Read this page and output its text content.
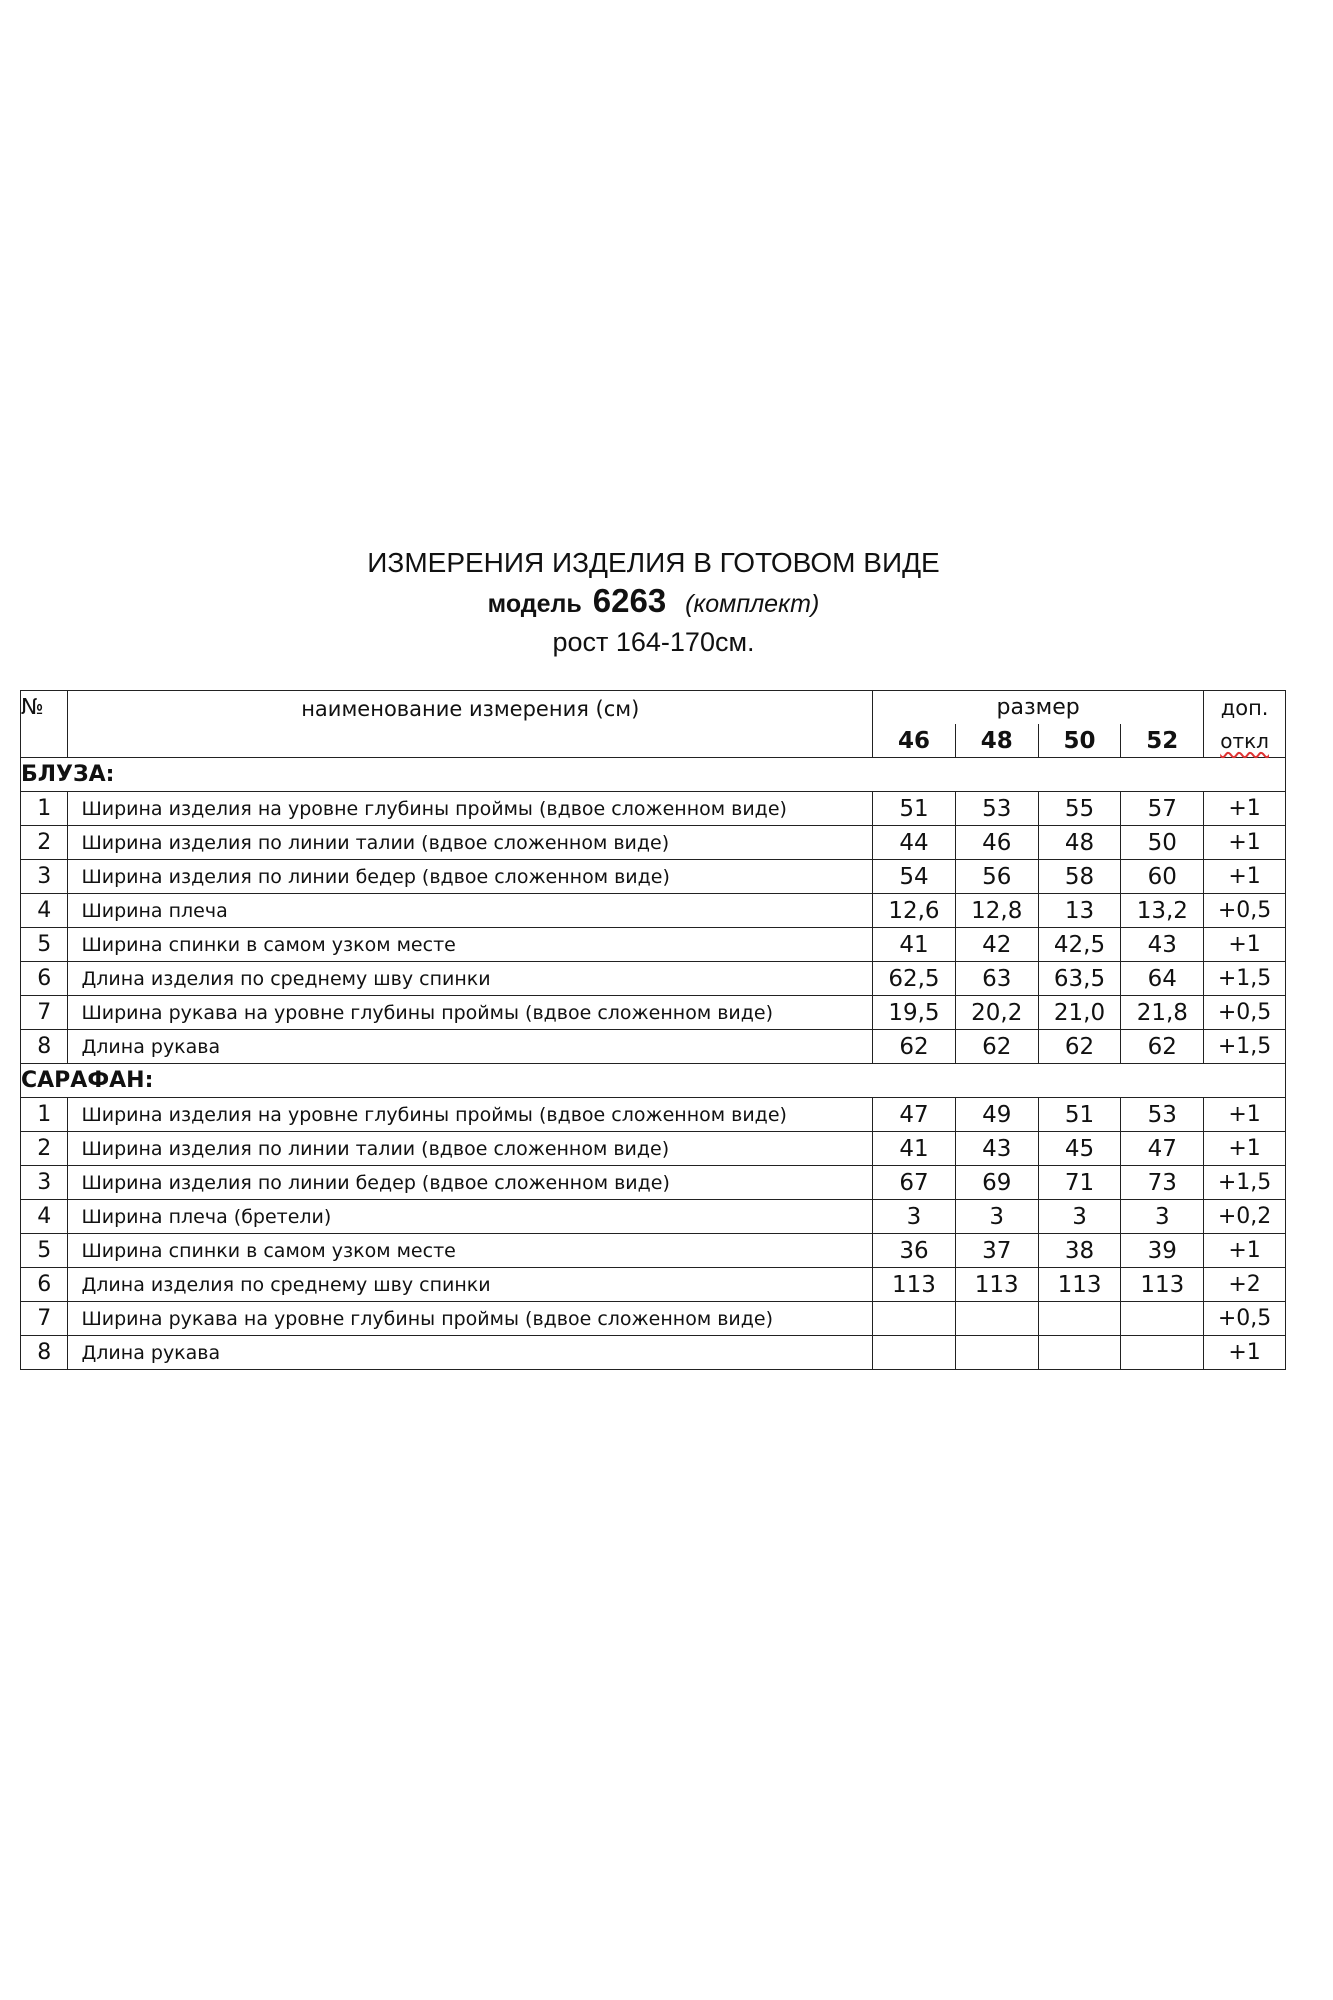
ИЗМЕРЕНИЯ ИЗДЕЛИЯ В ГОТОВОМ ВИДЕ
модель 6263 (комплект)
рост 164-170см.
№	наименование измерения (см)	размер				доп.
		46	48	50	52	откл
БЛУЗА:						
1	Ширина изделия на уровне глубины проймы (вдвое сложенном виде)	51	53	55	57	+1
2	Ширина изделия по линии талии (вдвое сложенном виде)	44	46	48	50	+1
3	Ширина изделия по линии бедер (вдвое сложенном виде)	54	56	58	60	+1
4	Ширина плеча	12,6	12,8	13	13,2	+0,5
5	Ширина спинки в самом узком месте	41	42	42,5	43	+1
6	Длина изделия по среднему шву спинки	62,5	63	63,5	64	+1,5
7	Ширина рукава на уровне глубины проймы (вдвое сложенном виде)	19,5	20,2	21,0	21,8	+0,5
8	Длина рукава	62	62	62	62	+1,5
САРАФАН:						
1	Ширина изделия на уровне глубины проймы (вдвое сложенном виде)	47	49	51	53	+1
2	Ширина изделия по линии талии (вдвое сложенном виде)	41	43	45	47	+1
3	Ширина изделия по линии бедер (вдвое сложенном виде)	67	69	71	73	+1,5
4	Ширина плеча (бретели)	3	3	3	3	+0,2
5	Ширина спинки в самом узком месте	36	37	38	39	+1
6	Длина изделия по среднему шву спинки	113	113	113	113	+2
7	Ширина рукава на уровне глубины проймы (вдвое сложенном виде)					+0,5
8	Длина рукава					+1
